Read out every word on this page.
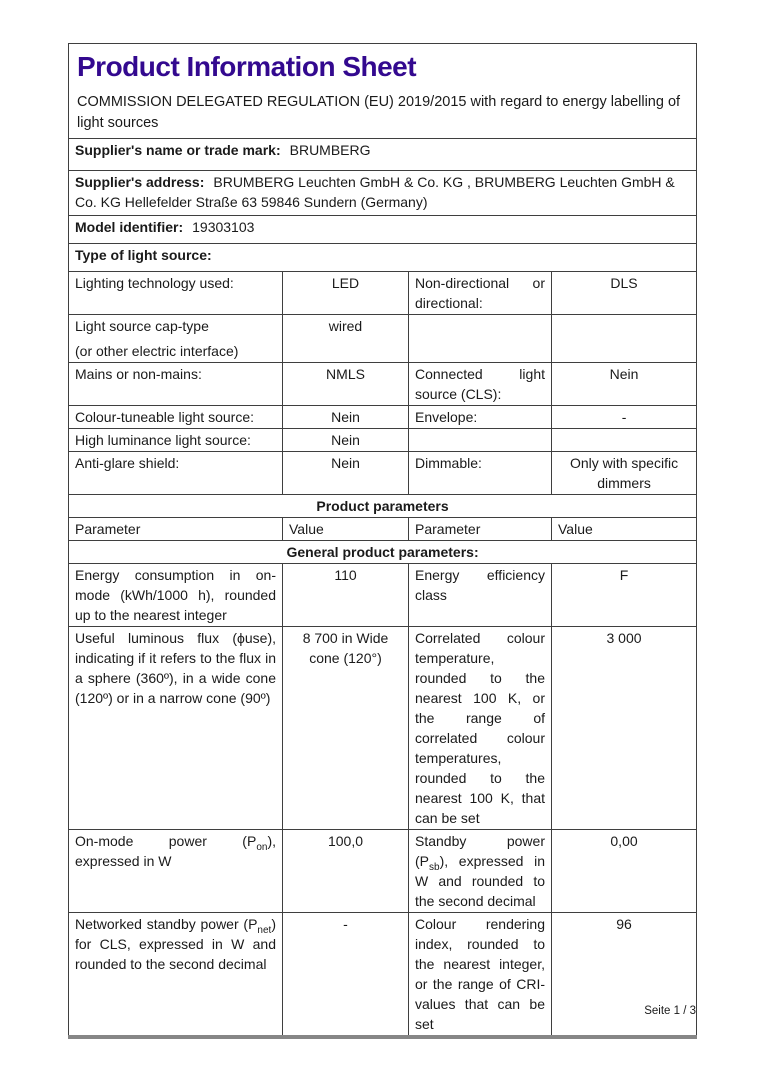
Product Information Sheet
COMMISSION DELEGATED REGULATION (EU) 2019/2015 with regard to energy labelling of light sources			

Supplier's name or trade mark: BRUMBERG			
Supplier's address: BRUMBERG Leuchten GmbH & Co. KG , BRUMBERG Leuchten GmbH & Co. KG Hellefelder Straße 63 59846 Sundern (Germany)			
Model identifier: 19303103			
Type of light source:			
Lighting technology used:	LED	Non-directional or directional:	DLS

Light source cap-type
(or other electric interface)	wired		
Mains or non-mains:	NMLS	Connected light source (CLS):	Nein
Colour-tuneable light source:	Nein	Envelope:	-
High luminance light source:	Nein		
Anti-glare shield:	Nein	Dimmable:	Only with specific dimmers
Product parameters			
Parameter	Value	Parameter	Value
General product parameters:			
Energy consumption in on-mode (kWh/1000 h), rounded up to the nearest integer	110	Energy efficiency class	F
Useful luminous flux (ϕuse), indicating if it refers to the flux in a sphere (360º), in a wide cone (120º) or in a narrow cone (90º)	8 700 in Wide cone (120°)	Correlated colour temperature, rounded to the nearest 100 K, or the range of correlated colour temperatures, rounded to the nearest 100 K, that can be set	3 000
On-mode power $(P_{on})$, expressed in W	100,0	Standby power $(P_{sb})$, expressed in W and rounded to the second decimal	0,00
Networked standby power $(P_{net})$ for CLS, expressed in W and rounded to the second decimal	-	Colour rendering index, rounded to the nearest integer, or the range of CRI-values that can be set	96
Seite 1 / 3
